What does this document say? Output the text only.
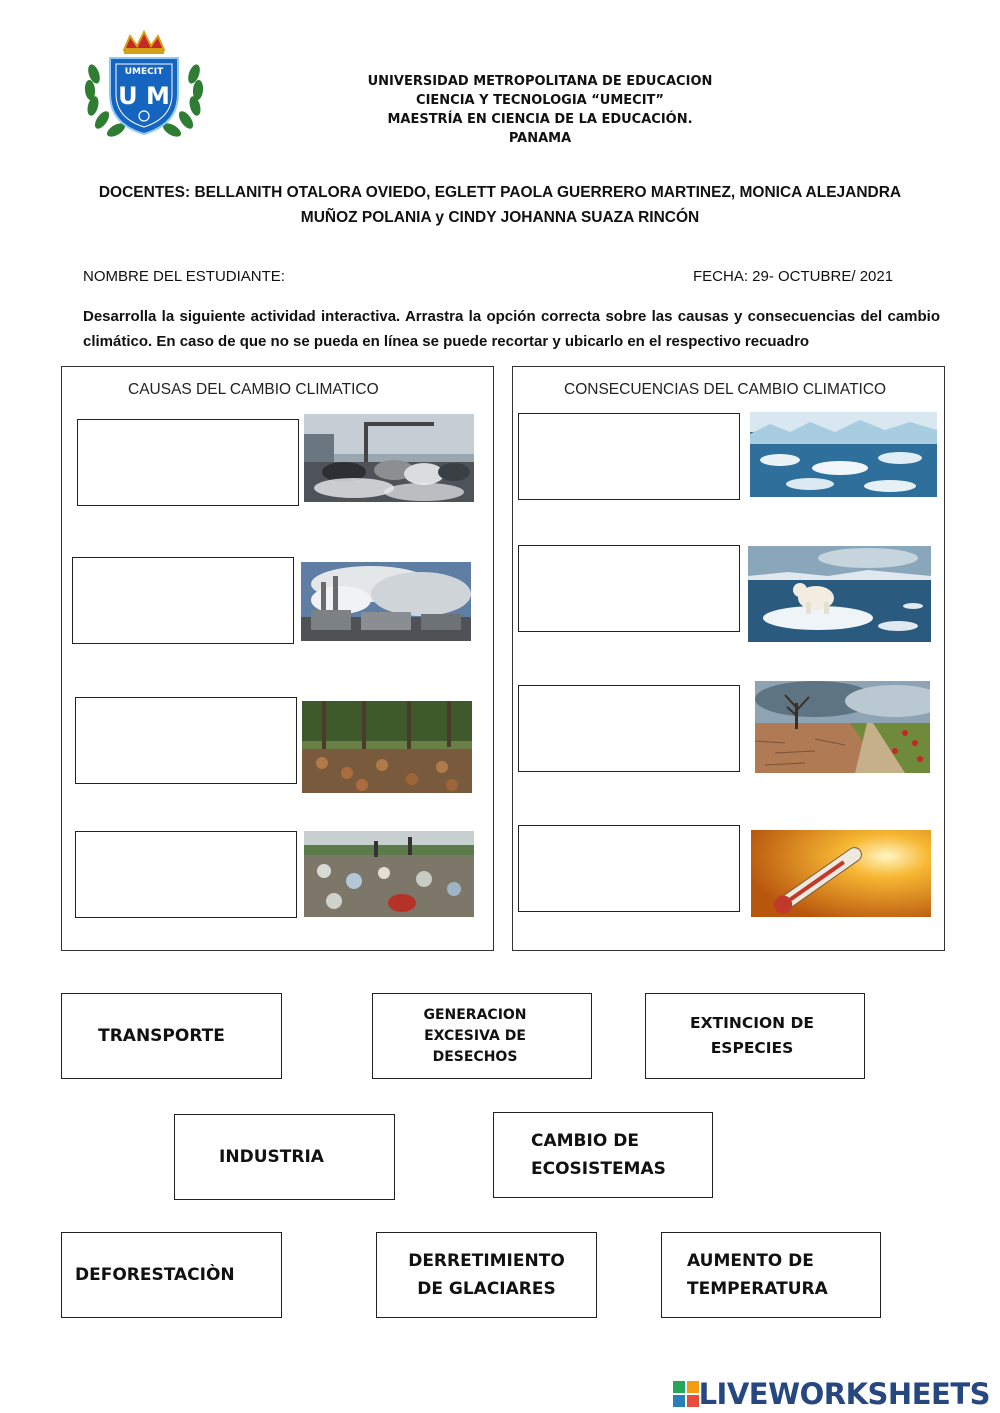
UMECIT
U M
UNIVERSIDAD METROPOLITANA DE EDUCACION
CIENCIA Y TECNOLOGIA “UMECIT”
MAESTRÍA EN CIENCIA DE LA EDUCACIÓN.
PANAMA
DOCENTES: BELLANITH OTALORA OVIEDO, EGLETT PAOLA GUERRERO MARTINEZ, MONICA ALEJANDRA
MUÑOZ POLANIA y CINDY JOHANNA SUAZA RINCÓN
NOMBRE DEL ESTUDIANTE:	FECHA: 29- OCTUBRE/ 2021
Desarrolla la siguiente actividad interactiva. Arrastra la opción correcta sobre las causas y consecuencias del cambio climático. En caso de que no se pueda en línea se puede recortar y ubicarlo en el respectivo recuadro
CAUSAS DEL CAMBIO CLIMATICO	CONSECUENCIAS DEL CAMBIO CLIMATICO
TRANSPORTE
GENERACION
EXCESIVA DE
DESECHOS
EXTINCION DE
ESPECIES
INDUSTRIA
CAMBIO DE
ECOSISTEMAS
DEFORESTACIÒN
DERRETIMIENTO
DE GLACIARES
AUMENTO DE
TEMPERATURA
LIVEWORKSHEETS
